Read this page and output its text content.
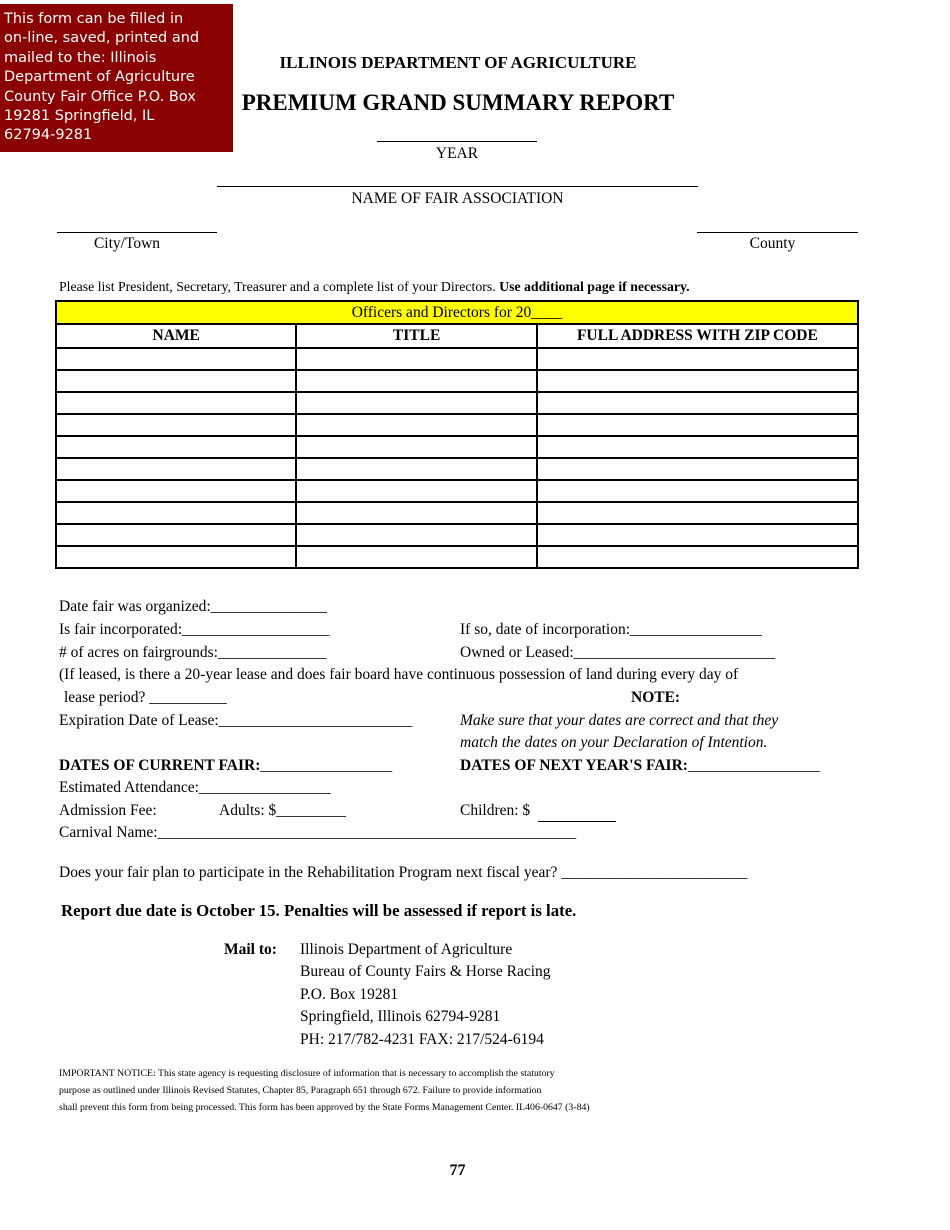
This form can be filled in
on-line, saved, printed and
mailed to the: Illinois
Department of Agriculture
County Fair Office P.O. Box
19281 Springfield, IL
62794-9281
ILLINOIS DEPARTMENT OF AGRICULTURE
PREMIUM GRAND SUMMARY REPORT
YEAR
NAME OF FAIR ASSOCIATION
City/Town	County
Please list President, Secretary, Treasurer and a complete list of your Directors. Use additional page if necessary.
Officers and Directors for 20____		
NAME	TITLE	FULL ADDRESS WITH ZIP CODE

Date fair was organized:_______________
Is fair incorporated:___________________	If so, date of incorporation:_________________
# of acres on fairgrounds:______________	Owned or Leased:__________________________
(If leased, is there a 20-year lease and does fair board have continuous possession of land during every day of
lease period? __________	NOTE:
Expiration Date of Lease:_________________________	Make sure that your dates are correct and that they
match the dates on your Declaration of Intention.
DATES OF CURRENT FAIR:_________________	DATES OF NEXT YEAR'S FAIR:_________________
Estimated Attendance:_________________
Admission Fee:	Adults: $_________	Children: $
Carnival Name:______________________________________________________
Does your fair plan to participate in the Rehabilitation Program next fiscal year? ________________________
Report due date is October 15. Penalties will be assessed if report is late.
Mail to: Illinois Department of Agriculture
Bureau of County Fairs & Horse Racing
P.O. Box 19281
Springfield, Illinois 62794-9281
PH: 217/782-4231 FAX: 217/524-6194
IMPORTANT NOTICE: This state agency is requesting disclosure of information that is necessary to accomplish the statutory
purpose as outlined under Illinois Revised Statutes, Chapter 85, Paragraph 651 through 672. Failure to provide information
shall prevent this form from being processed. This form has been approved by the State Forms Management Center. IL406-0647 (3-84)
77
